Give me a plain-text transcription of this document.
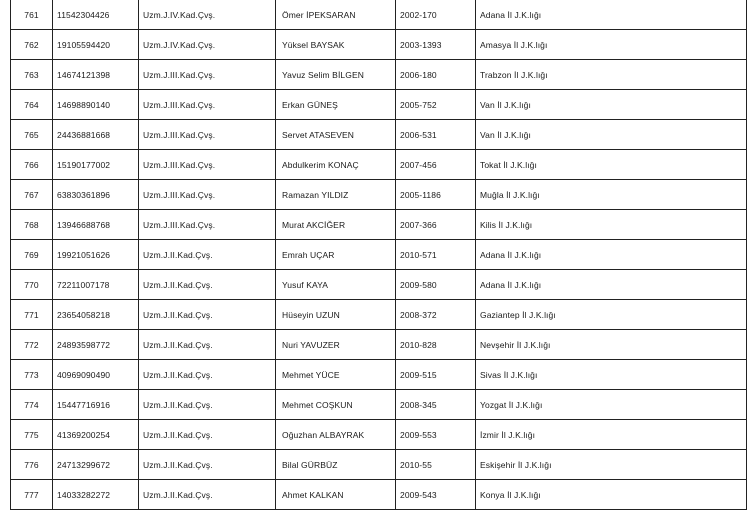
761	11542304426	Uzm.J.IV.Kad.Çvş.	Ömer İPEKSARAN	2002-170	Adana İl J.K.lığı
762	19105594420	Uzm.J.IV.Kad.Çvş.	Yüksel BAYSAK	2003-1393	Amasya İl J.K.lığı
763	14674121398	Uzm.J.III.Kad.Çvş.	Yavuz Selim BİLGEN	2006-180	Trabzon İl J.K.lığı
764	14698890140	Uzm.J.III.Kad.Çvş.	Erkan GÜNEŞ	2005-752	Van İl J.K.lığı
765	24436881668	Uzm.J.III.Kad.Çvş.	Servet ATASEVEN	2006-531	Van İl J.K.lığı
766	15190177002	Uzm.J.III.Kad.Çvş.	Abdulkerim KONAÇ	2007-456	Tokat İl J.K.lığı
767	63830361896	Uzm.J.III.Kad.Çvş.	Ramazan YILDIZ	2005-1186	Muğla İl J.K.lığı
768	13946688768	Uzm.J.III.Kad.Çvş.	Murat AKCİĞER	2007-366	Kilis İl J.K.lığı
769	19921051626	Uzm.J.II.Kad.Çvş.	Emrah UÇAR	2010-571	Adana İl J.K.lığı
770	72211007178	Uzm.J.II.Kad.Çvş.	Yusuf KAYA	2009-580	Adana İl J.K.lığı
771	23654058218	Uzm.J.II.Kad.Çvş.	Hüseyin UZUN	2008-372	Gaziantep İl J.K.lığı
772	24893598772	Uzm.J.II.Kad.Çvş.	Nuri YAVUZER	2010-828	Nevşehir İl J.K.lığı
773	40969090490	Uzm.J.II.Kad.Çvş.	Mehmet YÜCE	2009-515	Sivas İl J.K.lığı
774	15447716916	Uzm.J.II.Kad.Çvş.	Mehmet COŞKUN	2008-345	Yozgat İl J.K.lığı
775	41369200254	Uzm.J.II.Kad.Çvş.	Oğuzhan ALBAYRAK	2009-553	İzmir İl J.K.lığı
776	24713299672	Uzm.J.II.Kad.Çvş.	Bilal GÜRBÜZ	2010-55	Eskişehir İl J.K.lığı
777	14033282272	Uzm.J.II.Kad.Çvş.	Ahmet KALKAN	2009-543	Konya İl J.K.lığı
